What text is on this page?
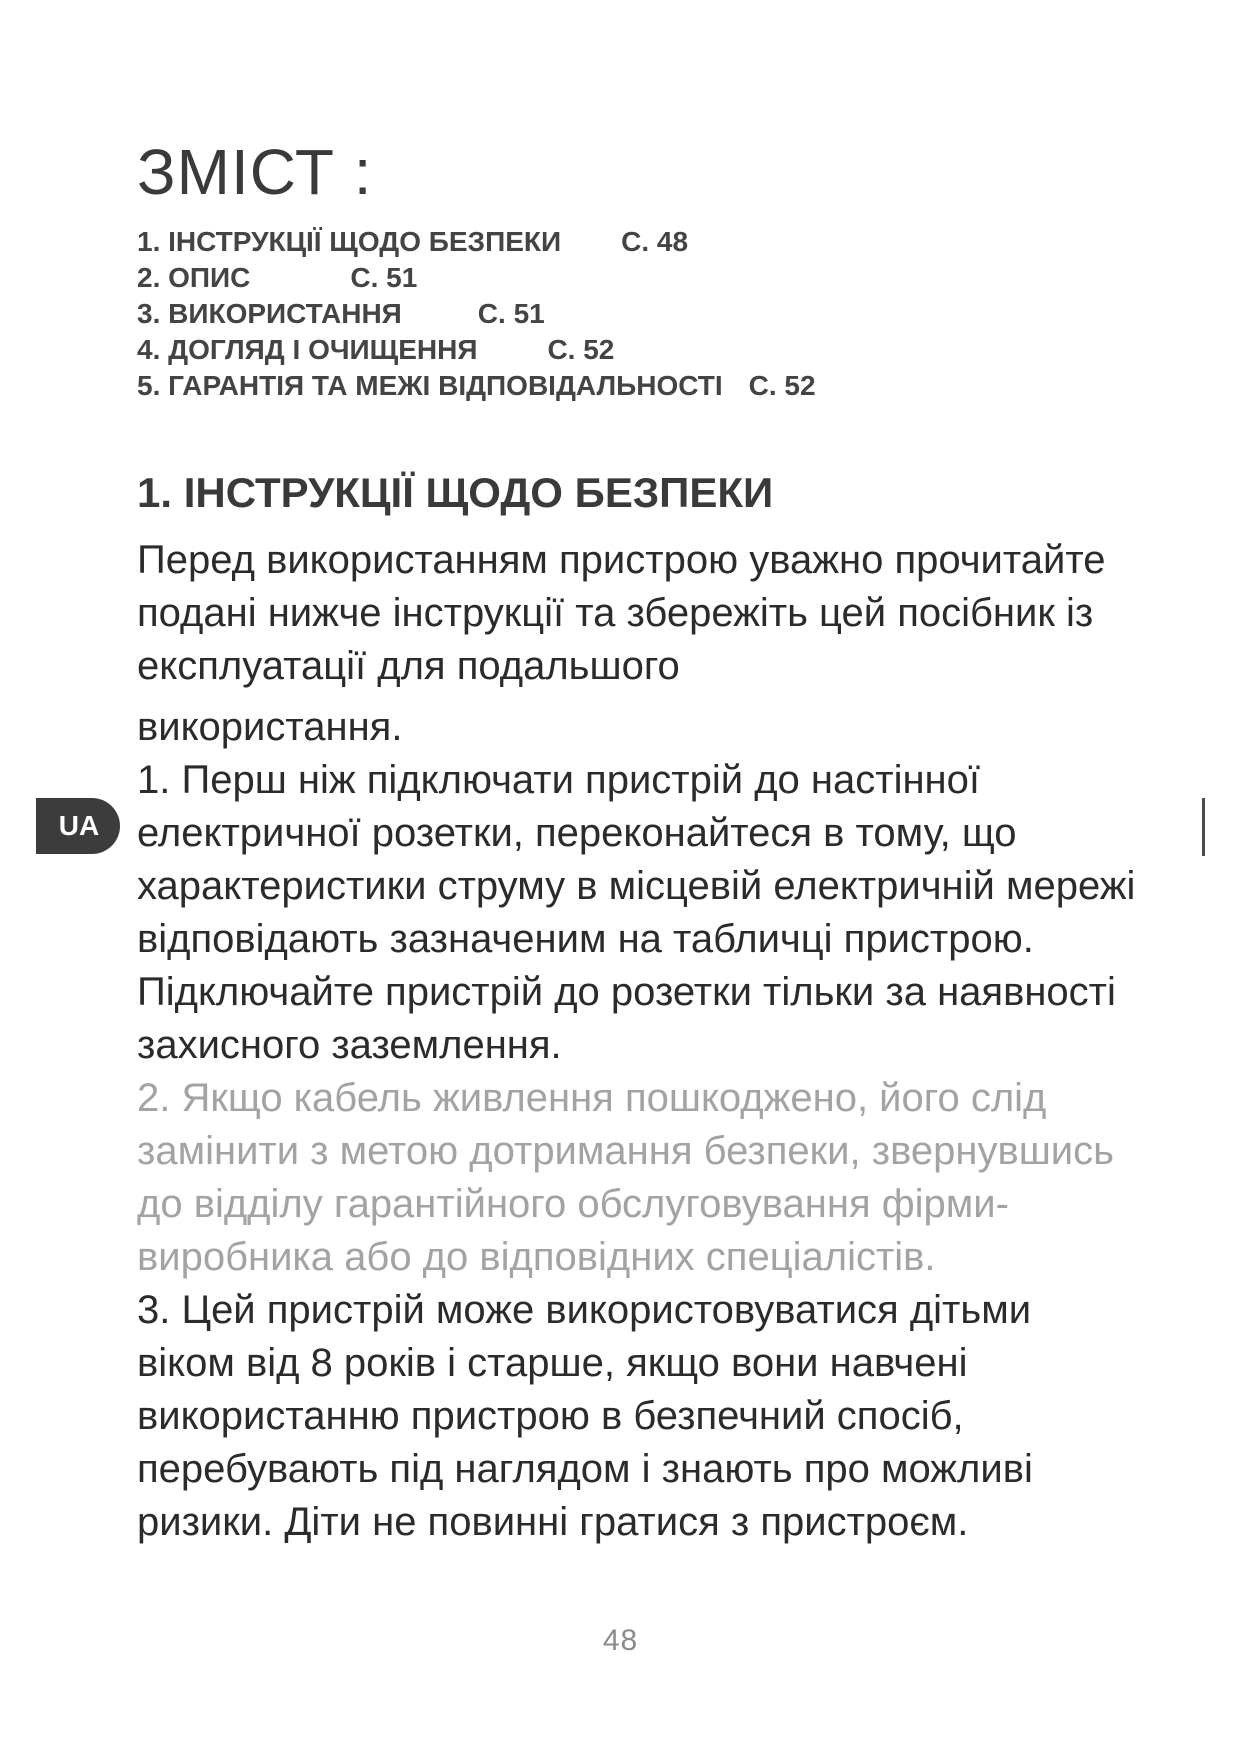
ЗМІСТ :
1. ІНСТРУКЦІЇ ЩОДО БЕЗПЕКИ С. 48
2. ОПИС	С. 51
3. ВИКОРИСТАННЯ	С. 51
4. ДОГЛЯД І ОЧИЩЕННЯ	С. 52
5. ГАРАНТІЯ ТА МЕЖІ ВІДПОВІДАЛЬНОСТІ С. 52
1. ІНСТРУКЦІЇ ЩОДО БЕЗПЕКИ

Перед використанням пристрою уважно прочитайте подані нижче інструкції та збережіть цей посібник із експлуатації для подальшого
використання.

1. Перш ніж підключати пристрій до настінної електричної розетки, переконайтеся в тому, що характеристики струму в місцевій електричній мережі відповідають зазначеним на табличці пристрою. Підключайте пристрій до розетки тільки за наявності захисного заземлення.

2. Якщо кабель живлення пошкоджено, його слід замінити з метою дотримання безпеки, звернувшись до відділу гарантійного обслуговування фірми-виробника або до відповідних спеціалістів.

3. Цей пристрій може використовуватися дітьми віком від 8 років і старше, якщо вони навчені використанню пристрою в безпечний спосіб, перебувають під наглядом і знають про можливі ризики. Діти не повинні гратися з пристроєм.

UA
48
